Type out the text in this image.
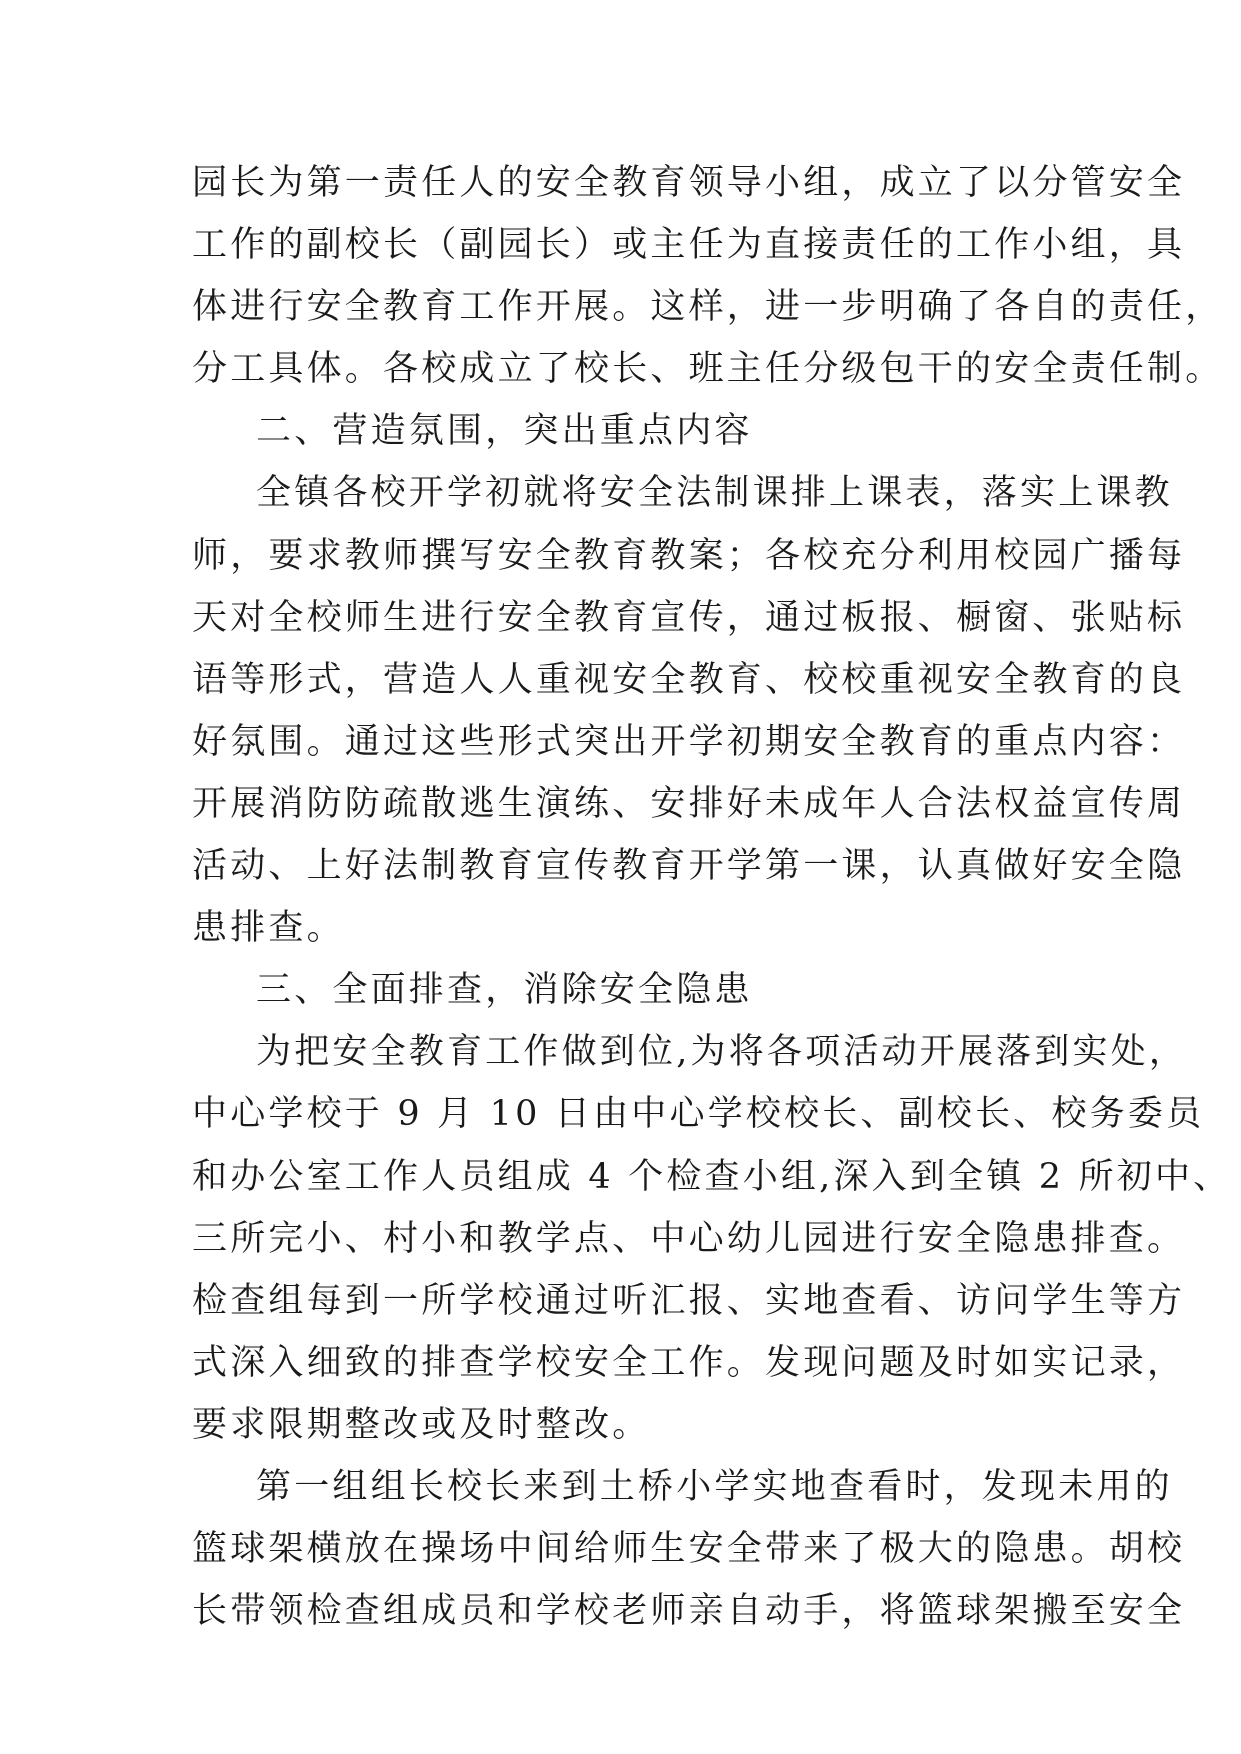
园长为第一责任人的安全教育领导小组，成立了以分管安全
工作的副校长（副园长）或主任为直接责任的工作小组，具
体进行安全教育工作开展。这样，进一步明确了各自的责任，
分工具体。各校成立了校长、班主任分级包干的安全责任制。
二、营造氛围，突出重点内容
全镇各校开学初就将安全法制课排上课表，落实上课教
师，要求教师撰写安全教育教案；各校充分利用校园广播每
天对全校师生进行安全教育宣传，通过板报、橱窗、张贴标
语等形式，营造人人重视安全教育、校校重视安全教育的良
好氛围。通过这些形式突出开学初期安全教育的重点内容：
开展消防防疏散逃生演练、安排好未成年人合法权益宣传周
活动、上好法制教育宣传教育开学第一课，认真做好安全隐
患排查。
三、全面排查，消除安全隐患
为把安全教育工作做到位,为将各项活动开展落到实处，
中心学校于 9 月 10 日由中心学校校长、副校长、校务委员
和办公室工作人员组成 4 个检查小组,深入到全镇 2 所初中、
三所完小、村小和教学点、中心幼儿园进行安全隐患排查。
检查组每到一所学校通过听汇报、实地查看、访问学生等方
式深入细致的排查学校安全工作。发现问题及时如实记录，
要求限期整改或及时整改。
第一组组长校长来到土桥小学实地查看时，发现未用的
篮球架横放在操场中间给师生安全带来了极大的隐患。胡校
长带领检查组成员和学校老师亲自动手，将篮球架搬至安全
